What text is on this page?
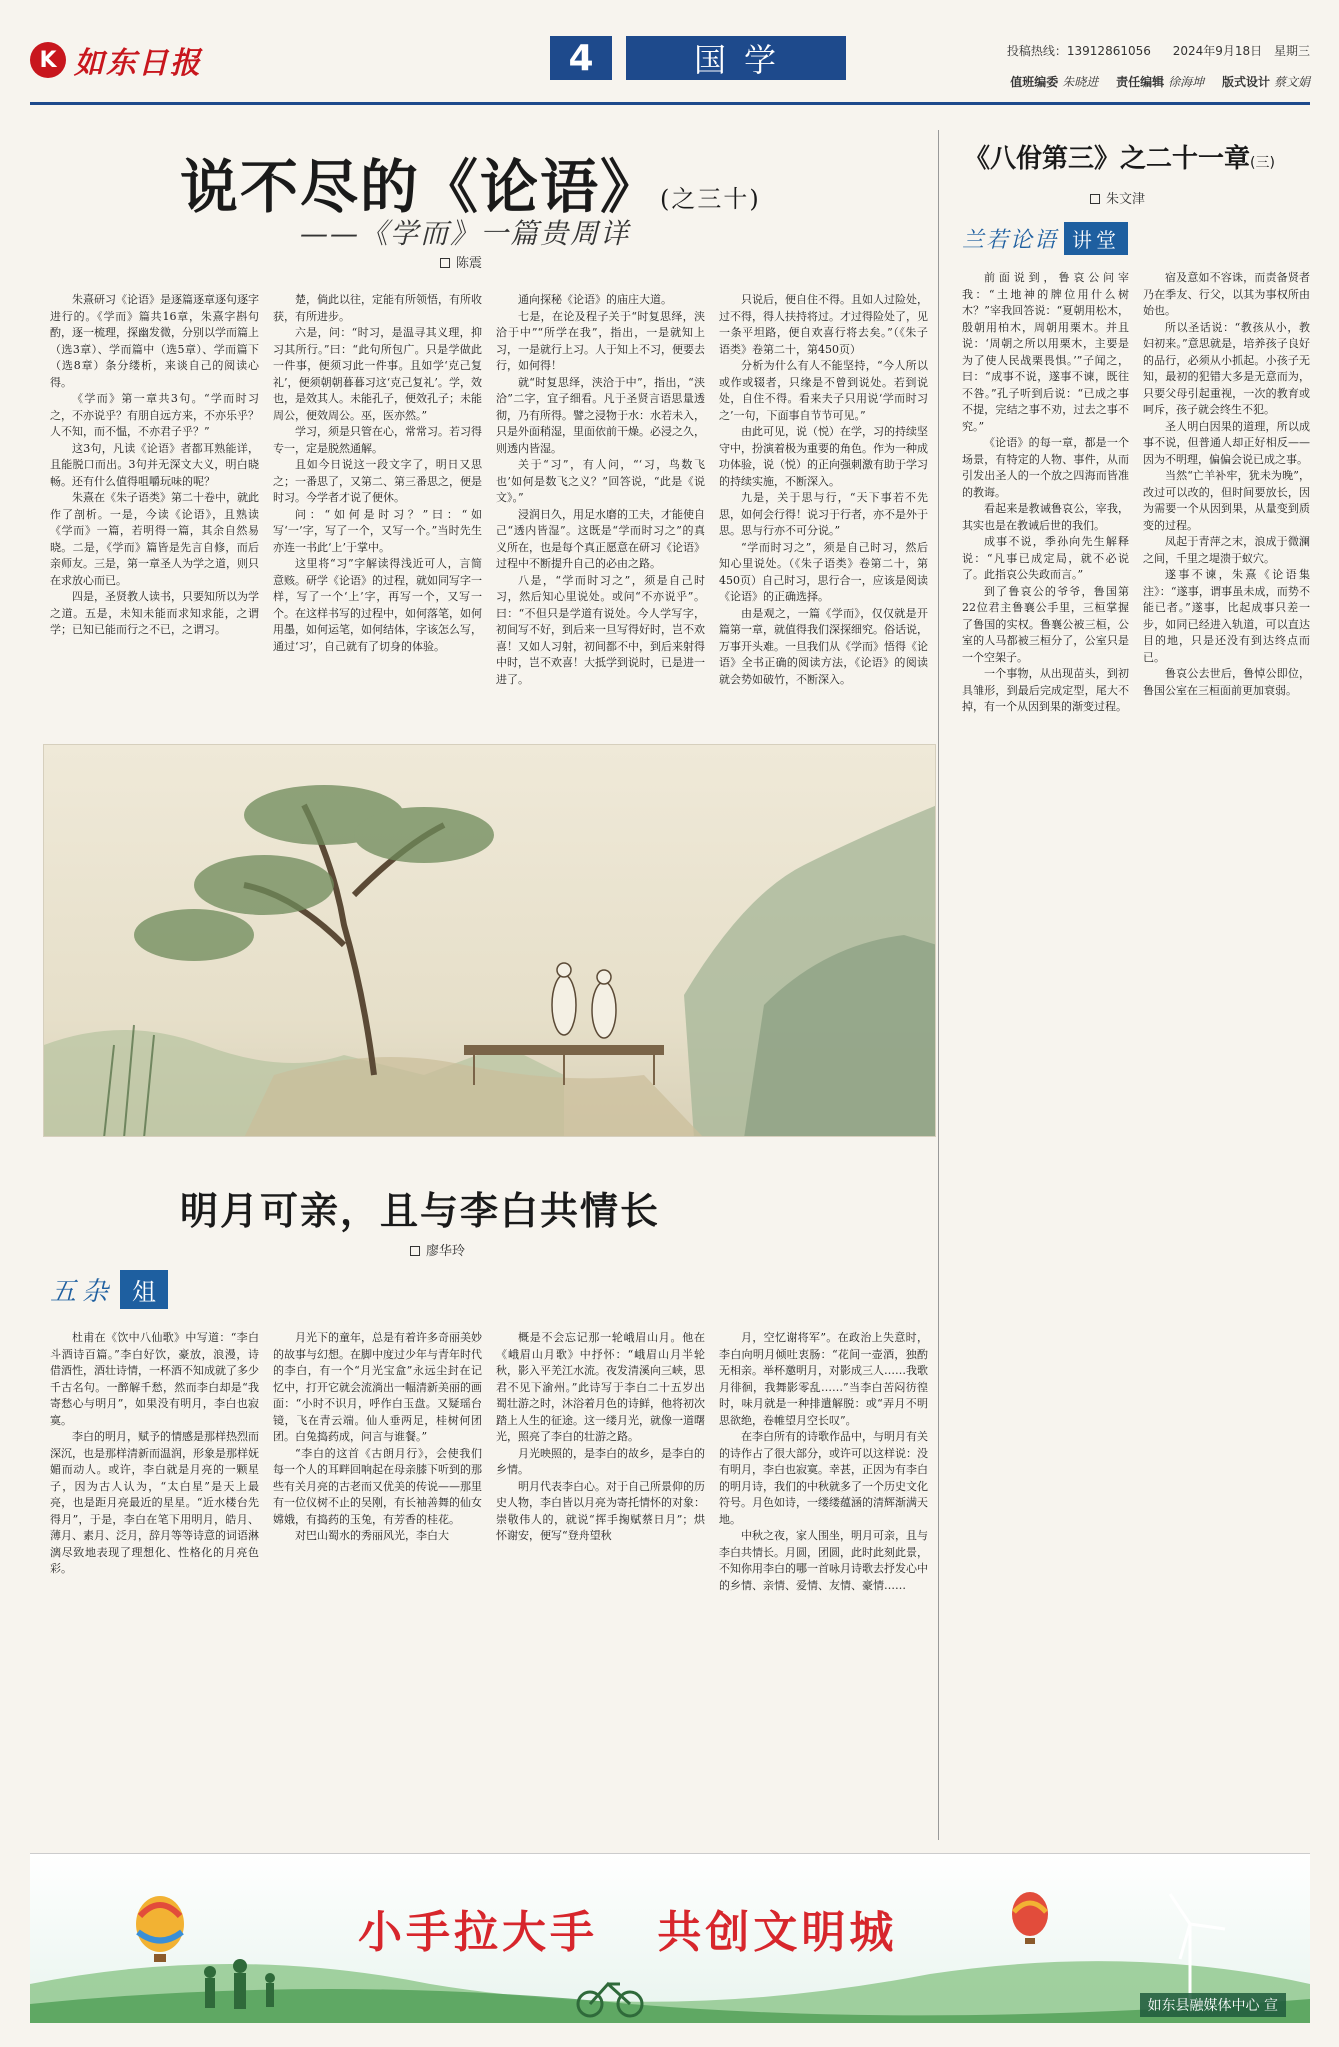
K 如东日报	4	国学	投稿热线：13912861056 2024年9月18日 星期三
值班编委 朱晓进 责任编辑 徐海坤 版式设计 蔡文娟
说不尽的《论语》(之三十)
——《学而》一篇贵周详
陈震

朱熹研习《论语》是逐篇逐章逐句逐字进行的。《学而》篇共16章，朱熹字斟句酌，逐一梳理，探幽发微，分别以学而篇上（选3章）、学而篇中（选5章）、学而篇下（选8章）条分缕析，来谈自己的阅读心得。

《学而》第一章共3句。“学而时习之，不亦说乎？有朋自远方来，不亦乐乎？人不知，而不愠，不亦君子乎？”

这3句，凡读《论语》者都耳熟能详，且能脱口而出。3句并无深文大义，明白晓畅。还有什么值得咀嚼玩味的呢？

朱熹在《朱子语类》第二十卷中，就此作了剖析。一是，今读《论语》，且熟读《学而》一篇，若明得一篇，其余自然易晓。二是，《学而》篇皆是先言自修，而后亲师友。三是，第一章圣人为学之道，则只在求放心而已。

四是，圣贤教人读书，只要知所以为学之道。五是，未知未能而求知求能，之谓学；已知已能而行之不已，之谓习。

楚，倘此以往，定能有所领悟，有所收获，有所进步。

六是，问：“时习，是温寻其义理，抑习其所行。”曰：“此句所包广。只是学做此一件事，便须习此一件事。且如学‘克己复礼’，便须朝朝暮暮习这‘克己复礼’。学，效也，是效其人。未能孔子，便效孔子；未能周公，便效周公。巫，医亦然。”

学习，须是只管在心，常常习。若习得专一，定是脱然通解。

且如今日说这一段文字了，明日又思之；一番思了，又第二、第三番思之，便是时习。今学者才说了便休。

问：“如何是时习？”曰：“如写‘一’字，写了一个，又写一个。”当时先生亦连一书此‘上’于掌中。

这里将“习”字解读得浅近可人，言简意赅。研学《论语》的过程，就如同写字一样，写了一个‘上’字，再写一个，又写一个。在这样书写的过程中，如何落笔，如何用墨，如何运笔，如何结体，字该怎么写，通过‘习’，自己就有了切身的体验。

通向探秘《论语》的庙庄大道。

七是，在论及程子关于“时复思绎，浃洽于中”“所学在我”，指出，一是就知上习，一是就行上习。人于知上不习，便要去行，如何得！

就“时复思绎，浃洽于中”，指出，“浃洽”二字，宜子细看。凡于圣贤言语思量透彻，乃有所得。譬之浸物于水：水若未入，只是外面稍湿，里面依前干燥。必浸之久，则透内皆湿。

关于“习”，有人问，“‘习，鸟数飞也’如何是数飞之义？”回答说，“此是《说文》。”

浸润日久，用足水磨的工夫，才能使自己“透内皆湿”。这既是“学而时习之”的真义所在，也是每个真正愿意在研习《论语》过程中不断提升自己的必由之路。

八是，“学而时习之”，须是自己时习，然后知心里说处。或问“不亦说乎”。曰：“不但只是学道有说处。今人学写字，初间写不好，到后来一旦写得好时，岂不欢喜！又如人习射，初间都不中，到后来射得中时，岂不欢喜！大抵学到说时，已是进一进了。

只说后，便自住不得。且如人过险处，过不得，得人扶持将过。才过得险处了，见一条平坦路，便自欢喜行将去矣。”（《朱子语类》卷第二十，第450页）

分析为什么有人不能坚持，“今人所以或作或辍者，只缘是不曾到说处。若到说处，自住不得。看来夫子只用说‘学而时习之’一句，下面事自节节可见。”

由此可见，说（悦）在学，习的持续坚守中，扮演着极为重要的角色。作为一种成功体验，说（悦）的正向强刺激有助于学习的持续实施，不断深入。

九是，关于思与行，“天下事若不先思，如何会行得！说习于行者，亦不是外于思。思与行亦不可分说。”

“学而时习之”，须是自己时习，然后知心里说处。（《朱子语类》卷第二十，第450页）自己时习，思行合一，应该是阅读《论语》的正确选择。

由是观之，一篇《学而》，仅仅就是开篇第一章，就值得我们深探细究。俗话说，万事开头难。一旦我们从《学而》悟得《论语》全书正确的阅读方法，《论语》的阅读就会势如破竹，不断深入。

明月可亲，且与李白共情长
廖华玲
五杂 俎

杜甫在《饮中八仙歌》中写道：“李白斗酒诗百篇。”李白好饮，豪放，浪漫，诗借酒性，酒壮诗情，一杯酒不知成就了多少千古名句。一醉解千愁，然而李白却是“我寄愁心与明月”，如果没有明月，李白也寂寞。

李白的明月，赋予的情感是那样热烈而深沉，也是那样清新而温润，形象是那样妩媚而动人。或许，李白就是月亮的一颗星子，因为古人认为，“太白星”是天上最亮，也是距月亮最近的星星。“近水楼台先得月”，于是，李白在笔下用明月，皓月、薄月、素月、泛月，辞月等等诗意的词语淋漓尽致地表现了理想化、性格化的月亮色彩。

月光下的童年，总是有着许多奇丽美妙的故事与幻想。在脚中度过少年与青年时代的李白，有一个“月光宝盒”永远尘封在记忆中，打开它就会流淌出一幅清新美丽的画面：“小时不识月，呼作白玉盘。又疑瑶台镜，飞在青云端。仙人垂两足，桂树何团团。白兔捣药成，问言与谁餐。”

“李白的这首《古朗月行》，会使我们每一个人的耳畔回响起在母亲膝下听到的那些有关月亮的古老而又优美的传说——那里有一位仪树不止的吴刚，有长袖善舞的仙女嫦娥，有捣药的玉兔，有芳香的桂花。

对巴山蜀水的秀丽风光，李白大

概是不会忘记那一轮峨眉山月。他在《峨眉山月歌》中抒怀：“峨眉山月半轮秋，影入平羌江水流。夜发清溪向三峡，思君不见下渝州。”此诗写于李白二十五岁出蜀壮游之时，沐浴着月色的诗鲜，他将初次踏上人生的征途。这一缕月光，就像一道曙光，照亮了李白的壮游之路。

月光映照的，是李白的故乡，是李白的乡情。

明月代表李白心。对于自己所景仰的历史人物，李白皆以月亮为寄托情怀的对象：崇敬伟人的，就说“挥手掬赋蔡日月”；烘怀谢安，便写“登舟望秋

月，空忆谢将军”。在政治上失意时，李白向明月倾吐衷肠：“花间一壶酒，独酌无相亲。举杯邀明月，对影成三人……我歌月徘徊，我舞影零乱……”当李白苦闷彷徨时，味月就是一种排遣解脱：或“弄月不明思欲绝，卷帷望月空长叹”。

在李白所有的诗歌作品中，与明月有关的诗作占了很大部分，或许可以这样说：没有明月，李白也寂寞。幸甚，正因为有李白的明月诗，我们的中秋就多了一个历史文化符号。月色如诗，一缕缕蕴涵的清辉渐满天地。

中秋之夜，家人围坐，明月可亲，且与李白共情长。月圆，团圆，此时此刻此景，不知你用李白的哪一首咏月诗歌去抒发心中的乡情、亲情、爱情、友情、豪情……

《八佾第三》之二十一章(三)
朱文津
兰若论语 讲堂

前面说到，鲁哀公问宰我：“土地神的牌位用什么树木？”宰我回答说：“夏朝用松木，殷朝用柏木，周朝用栗木。并且说：‘周朝之所以用栗木，主要是为了使人民战栗畏惧。’”子闻之，曰：“成事不说，遂事不谏，既往不咎。”孔子听到后说：“已成之事不提，完结之事不劝，过去之事不究。”

《论语》的每一章，都是一个场景，有特定的人物、事件，从而引发出圣人的一个放之四海而皆准的教诲。

看起来是教诫鲁哀公，宰我，其实也是在教诫后世的我们。

成事不说，季孙向先生解释说：“凡事已成定局，就不必说了。此指哀公失政而言。”

到了鲁哀公的爷爷，鲁国第22位君主鲁襄公手里，三桓掌握了鲁国的实权。鲁襄公被三桓，公室的人马都被三桓分了，公室只是一个空架子。

一个事物，从出现苗头，到初具雏形，到最后完成定型，尾大不掉，有一个从因到果的渐变过程。

宿及意如不容诛，而责备贤者乃在季友、行父，以其为事权所由始也。

所以圣话说：“教孩从小，教妇初来。”意思就是，培养孩子良好的品行，必须从小抓起。小孩子无知，最初的犯错大多是无意而为，只要父母引起重视，一次的教育或呵斥，孩子就会终生不犯。

圣人明白因果的道理，所以成事不说，但普通人却正好相反——因为不明理，偏偏会说已成之事。

当然“亡羊补牢，犹未为晚”，改过可以改的，但时间要放长，因为需要一个从因到果，从量变到质变的过程。

凤起于青萍之末，浪成于微澜之间，千里之堤溃于蚁穴。

遂事不谏，朱熹《论语集注》：“遂事，谓事虽未成，而势不能已者。”遂事，比起成事只差一步，如同已经进入轨道，可以直达目的地，只是还没有到达终点而已。

鲁哀公去世后，鲁悼公即位，鲁国公室在三桓面前更加衰弱。

小手拉大手 共创文明城
如东县融媒体中心 宣
